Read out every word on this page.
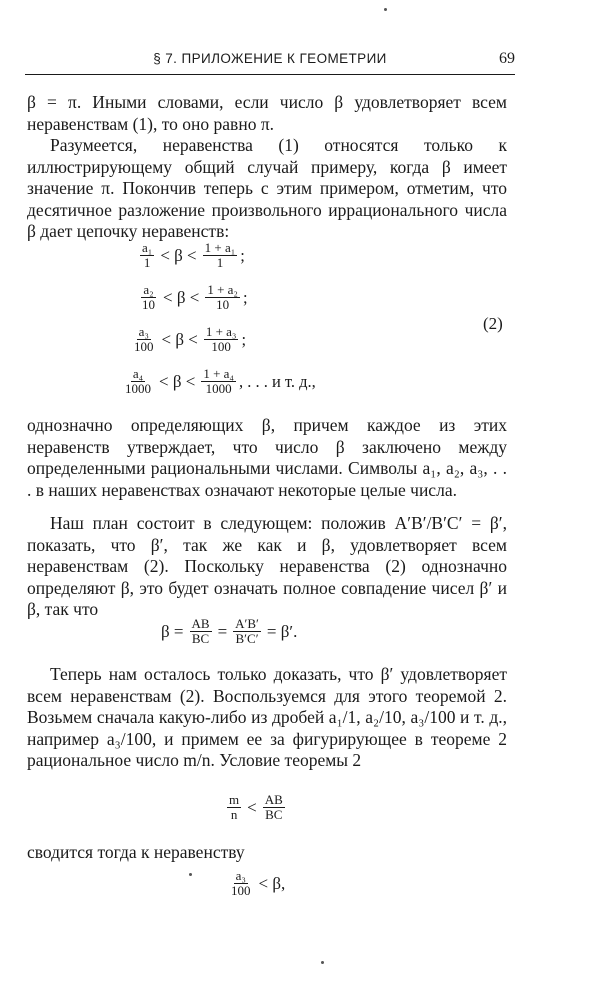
§ 7. ПРИЛОЖЕНИЕ К ГЕОМЕТРИИ	69

β = π. Иными словами, если число β удовлетворяет всем неравенствам (1), то оно равно π.

Разумеется, неравенства (1) относятся только к иллюстрирующему общий случай примеру, когда β имеет значение π. Покончив теперь с этим примером, отметим, что десятичное разложение произвольного иррационального числа β дает цепочку неравенств:

$\frac{\text{a₁}}{1} < \beta < \frac{\text{1 + a₁}}{1}$ ;
$\frac{\text{a₂}}{10} < \beta < \frac{\text{1 + a₂}}{10}$ ;
$\frac{\text{a₃}}{100} < \beta < \frac{\text{1 + a₃}}{100}$ ;
$\frac{\text{a₄}}{1000} < \beta < \frac{\text{1 + a₄}}{1000}$ , . . . и т. д.,
(2)

однозначно определяющих β, причем каждое из этих неравенств утверждает, что число β заключено между определенными рациональными числами. Символы a₁, a₂, a₃, . . . в наших неравенствах означают некоторые целые числа.

Наш план состоит в следующем: положив A′B′/B′C′ = β′, показать, что β′, так же как и β, удовлетворяет всем неравенствам (2). Поскольку неравенства (2) однозначно определяют β, это будет означать полное совпадение чисел β′ и β, так что

$\beta = \frac{AB}{BC} = \frac{A'B'}{B'C'} = \beta'$.

Теперь нам осталось только доказать, что β′ удовлетворяет всем неравенствам (2). Воспользуемся для этого теоремой 2. Возьмем сначала какую-либо из дробей a₁/1, a₂/10, a₃/100 и т. д., например a₃/100, и примем ее за фигурирующее в теореме 2 рациональное число m/n. Условие теоремы 2

$\frac{m}{n} < \frac{AB}{BC}$

сводится тогда к неравенству

$\frac{\text{a₃}}{100} < \beta$,
